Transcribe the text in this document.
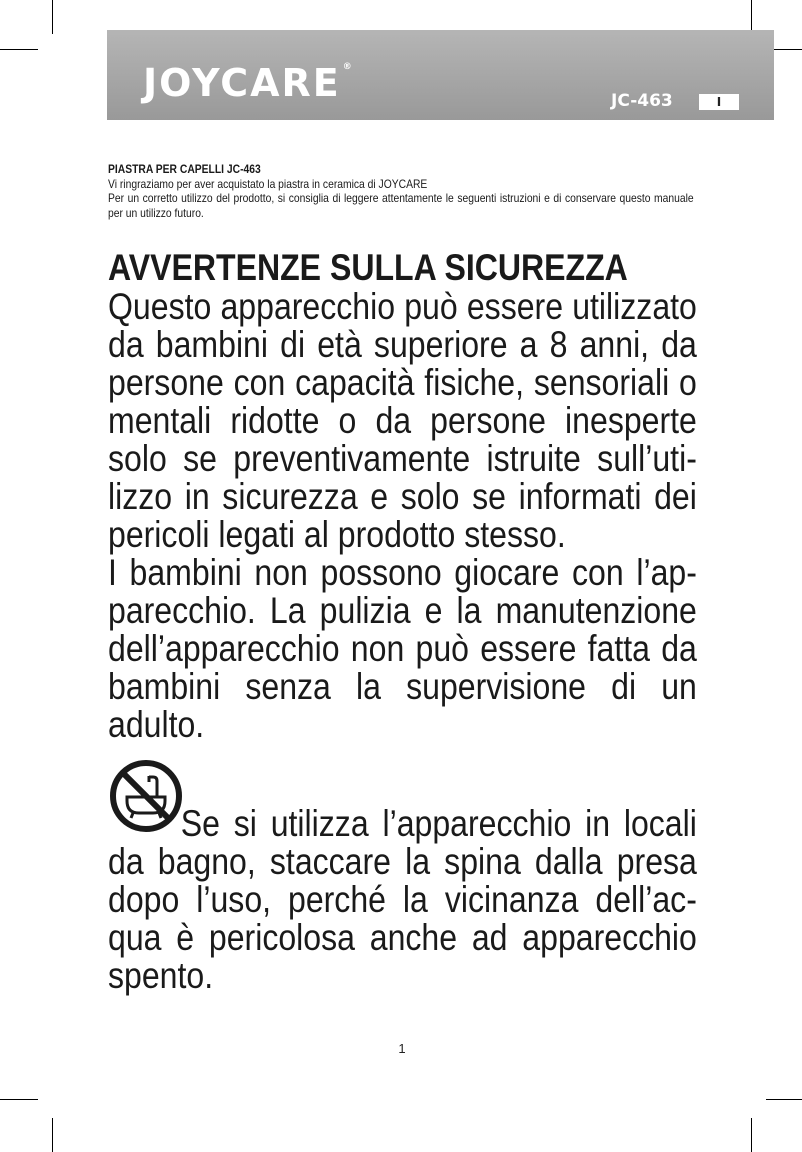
JOYCARE ®
JC-463	I
PIASTRA PER CAPELLI JC-463
Vi ringraziamo per aver acquistato la piastra in ceramica di JOYCARE
Per un corretto utilizzo del prodotto, si consiglia di leggere attentamente le seguenti istruzioni e di conservare questo manuale per un utilizzo futuro.
AVVERTENZE SULLA SICUREZZA

Questo apparecchio può essere utilizzato da bambini di età superiore a 8 anni, da persone con capacità fisiche, sensoriali o mentali ridotte o da persone inesperte solo se preventivamente istruite sull’uti-lizzo in sicurezza e solo se informati dei pericoli legati al prodotto stesso.

I bambini non possono giocare con l’ap-parecchio. La pulizia e la manutenzione dell’apparecchio non può essere fatta da bambini senza la supervisione di un adulto.

Se si utilizza l’apparecchio in locali da bagno, staccare la spina dalla presa dopo l’uso, perché la vicinanza dell’ac-qua è pericolosa anche ad apparecchio spento.

1
